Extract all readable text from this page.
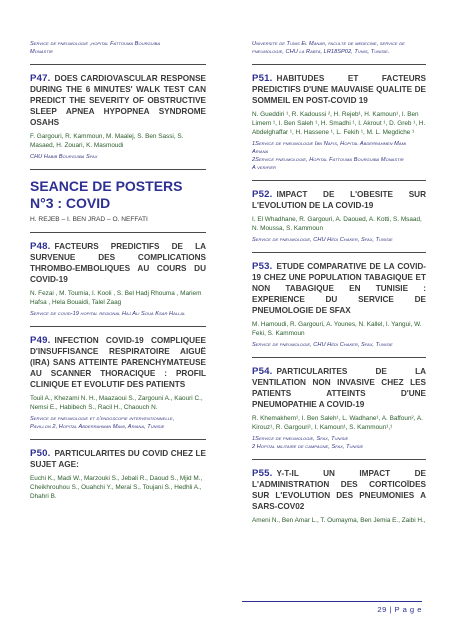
Service de pneumologie ,hopital Fattouma Bourguiba
Monastir
P47. DOES CARDIOVASCULAR RESPONSE DURING THE 6 MINUTES' WALK TEST CAN PREDICT THE SEVERITY OF OBSTRUCTIVE SLEEP APNEA HYPOPNEA SYNDROME OSAHS
F. Gargouri, R. Kammoun, M. Maalej, S. Ben Sassi, S. Masaed, H. Zouari, K. Masmoudi
CHU Habib Bourguiba Sfax
SEANCE DE POSTERS N°3 : COVID
H. REJEB – I. BEN JRAD – O. NEFFATI
P48. FACTEURS PREDICTIFS DE LA SURVENUE DES COMPLICATIONS THROMBO-EMBOLIQUES AU COURS DU COVID-19
N. Fezai , M. Toumia, I. Kooli , S. Bel Hadj Rhouma , Mariem Hafsa , Hela Bouaidi, Talel Zaag
Service de covid-19 hopital regional Haj Ali Soua Ksar Hallal
P49. INFECTION COVID-19 COMPLIQUEE D'INSUFFISANCE RESPIRATOIRE AIGUË (IRA) SANS ATTEINTE PARENCHYMATEUSE AU SCANNER THORACIQUE : PROFIL CLINIQUE ET EVOLUTIF DES PATIENTS
Touil A., Khezami N. H., Maazaoui S., Zargouni A., Kaouri C., Nemsi E., Habibech S., Racil H., Chaouch N.
Service de pneumologie et d'endoscopie interventionnelle,
Pavillon 2, Hopital Abderrahman Mami, Ariana, Tunisie
P50. PARTICULARITES DU COVID CHEZ LE SUJET AGE:
Euchi K., Madi W., Marzouki S., Jebali R., Daoud S., Mjid M., Cheikhrouhou S., Ouahchi Y., Merai S., Toujani S., Hedhli A., Dhahri B.
Universite de Tunis El Manar, faculte de medecine, service de
pneumologie, CHU la Rabta, LR18SP02, Tunis, Tunisie.
P51. HABITUDES ET FACTEURS PREDICTIFS D'UNE MAUVAISE QUALITE DE SOMMEIL EN POST-COVID 19
N. Gueddiri ¹, R. Kadoussi ², H. Rejeb¹, H. Kamoun¹, I. Ben Limem ¹, I. Ben Saleh ¹, H. Smadhi ¹, I. Akrout ¹, D. Greb ¹, H. Abdelghaffar ¹, H. Hassene ¹, L. Fekih ¹, M. L. Megdiche ¹
1Service de pneumologie Ibn Nafis, Hopital Abderrahmen Mami
Ariana
2Service pneumologie, Hopital Fattouma Bourguiba Monastir
A verifier
P52. IMPACT DE L'OBESITE SUR L'EVOLUTION DE LA COVID-19
I. El Whadhane, R. Gargouri, A. Daoued, A. Kotti, S. Msaad, N. Moussa, S. Kammoun
Service de pneumologie, CHU Hédi Chaker, Sfax, Tunisie
P53. ETUDE COMPARATIVE DE LA COVID-19 CHEZ UNE POPULATION TABAGIQUE ET NON TABAGIQUE EN TUNISIE : EXPERIENCE DU SERVICE DE PNEUMOLOGIE DE SFAX
M. Hamoudi, R. Gargouri, A. Younes, N. Kallel, I. Yangui, W. Feki, S. Kammoun
Service de pneumologie, CHU Hédi Chaker, Sfax, Tunisie
P54. PARTICULARITES DE LA VENTILATION NON INVASIVE CHEZ LES PATIENTS ATTEINTS D'UNE PNEUMOPATHIE A COVID-19
R. Khemakhem¹, I. Ben Saleh¹, L. Wadhane¹, A. Baffoun², A. Kirouz¹, R. Gargouri¹, I. Kamoun¹, S. Kammoun¹,¹
1Service de pneumologie, Sfax, Tunisie
2 Hopital militaire de campagne, Sfax, Tunisie
P55. Y-T-IL UN IMPACT DE L'ADMINISTRATION DES CORTICOÏDES SUR L'EVOLUTION DES PNEUMONIES A SARS-COV02
Ameni N., Ben Amar L., T. Oumayma, Ben Jemia E., Zaibi H.,
29 | P a g e
